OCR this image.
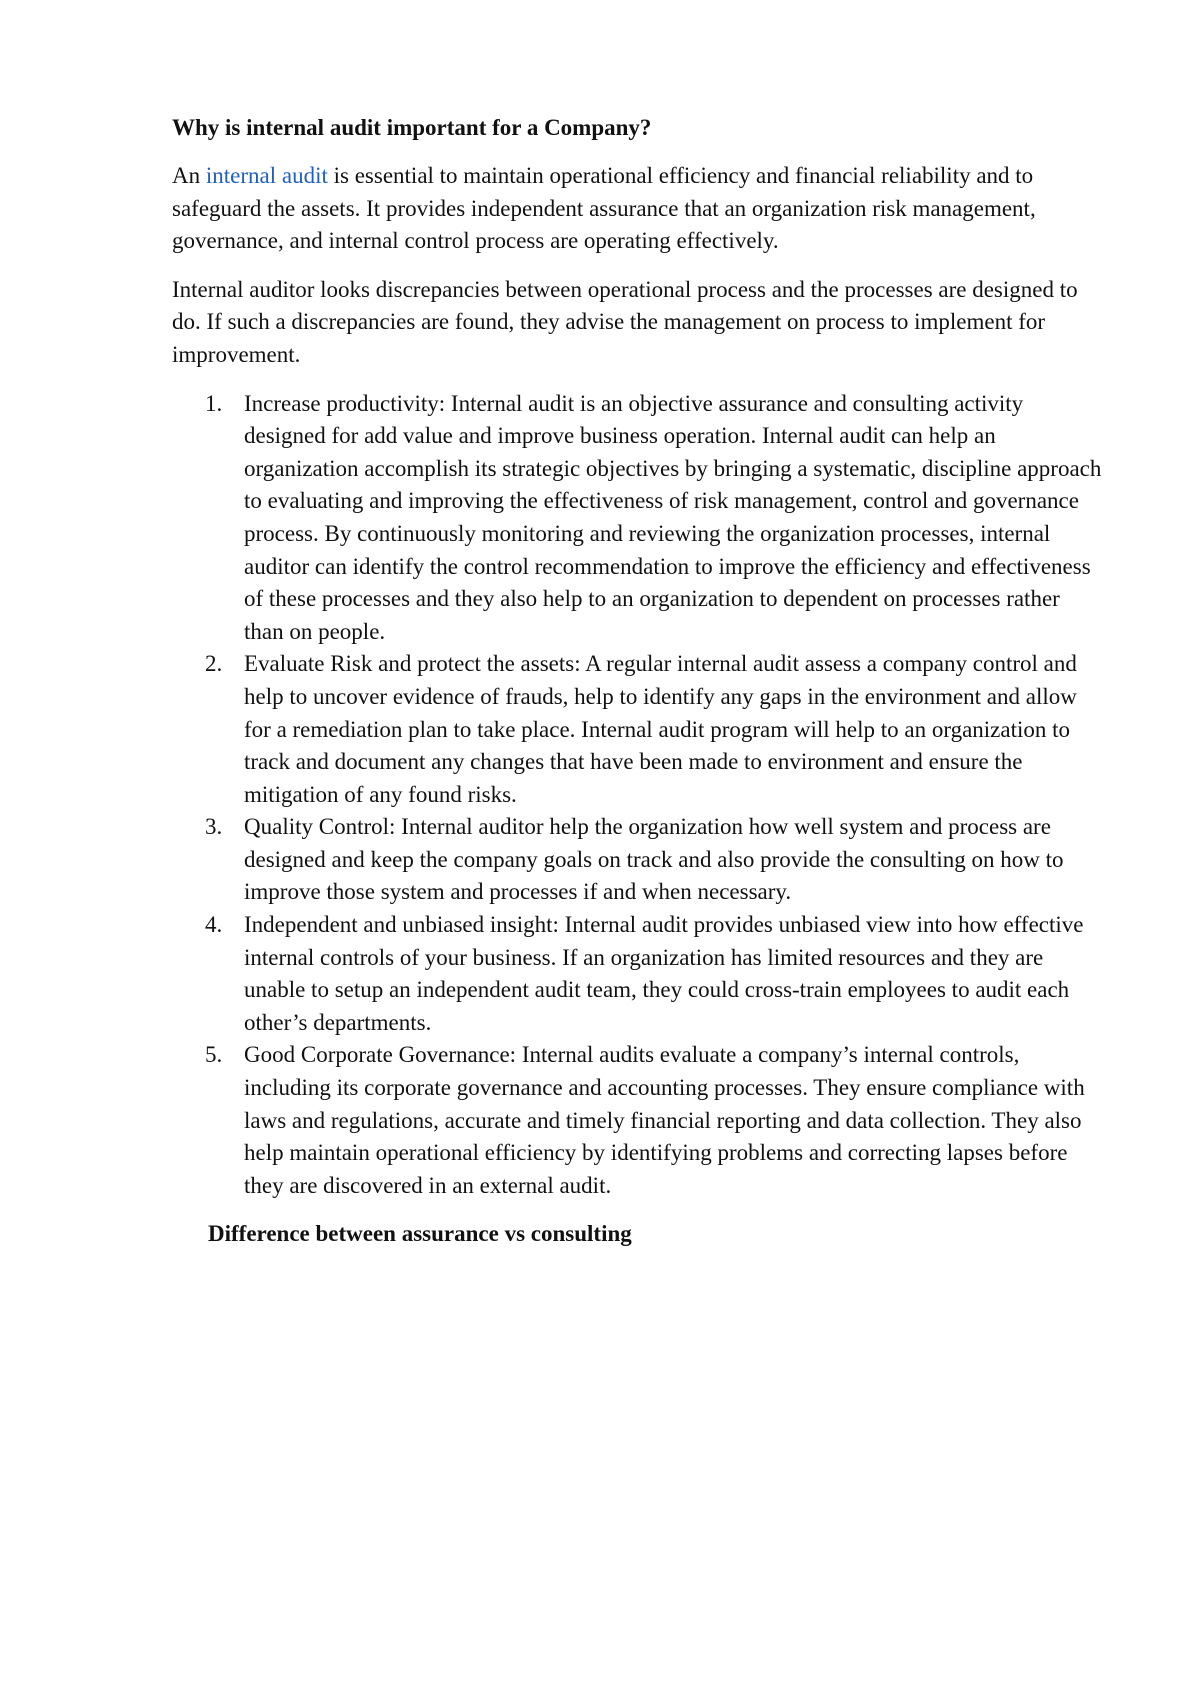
Why is internal audit important for a Company?

An internal audit is essential to maintain operational efficiency and financial reliability and to safeguard the assets. It provides independent assurance that an organization risk management, governance, and internal control process are operating effectively.

Internal auditor looks discrepancies between operational process and the processes are designed to do. If such a discrepancies are found, they advise the management on process to implement for improvement.

1. Increase productivity: Internal audit is an objective assurance and consulting activity designed for add value and improve business operation. Internal audit can help an organization accomplish its strategic objectives by bringing a systematic, discipline approach to evaluating and improving the effectiveness of risk management, control and governance process. By continuously monitoring and reviewing the organization processes, internal auditor can identify the control recommendation to improve the efficiency and effectiveness of these processes and they also help to an organization to dependent on processes rather than on people.
2. Evaluate Risk and protect the assets: A regular internal audit assess a company control and help to uncover evidence of frauds, help to identify any gaps in the environment and allow for a remediation plan to take place. Internal audit program will help to an organization to track and document any changes that have been made to environment and ensure the mitigation of any found risks.
3. Quality Control: Internal auditor help the organization how well system and process are designed and keep the company goals on track and also provide the consulting on how to improve those system and processes if and when necessary.
4. Independent and unbiased insight: Internal audit provides unbiased view into how effective internal controls of your business. If an organization has limited resources and they are unable to setup an independent audit team, they could cross-train employees to audit each other’s departments.
5. Good Corporate Governance: Internal audits evaluate a company’s internal controls, including its corporate governance and accounting processes. They ensure compliance with laws and regulations, accurate and timely financial reporting and data collection. They also help maintain operational efficiency by identifying problems and correcting lapses before they are discovered in an external audit.
Difference between assurance vs consulting
